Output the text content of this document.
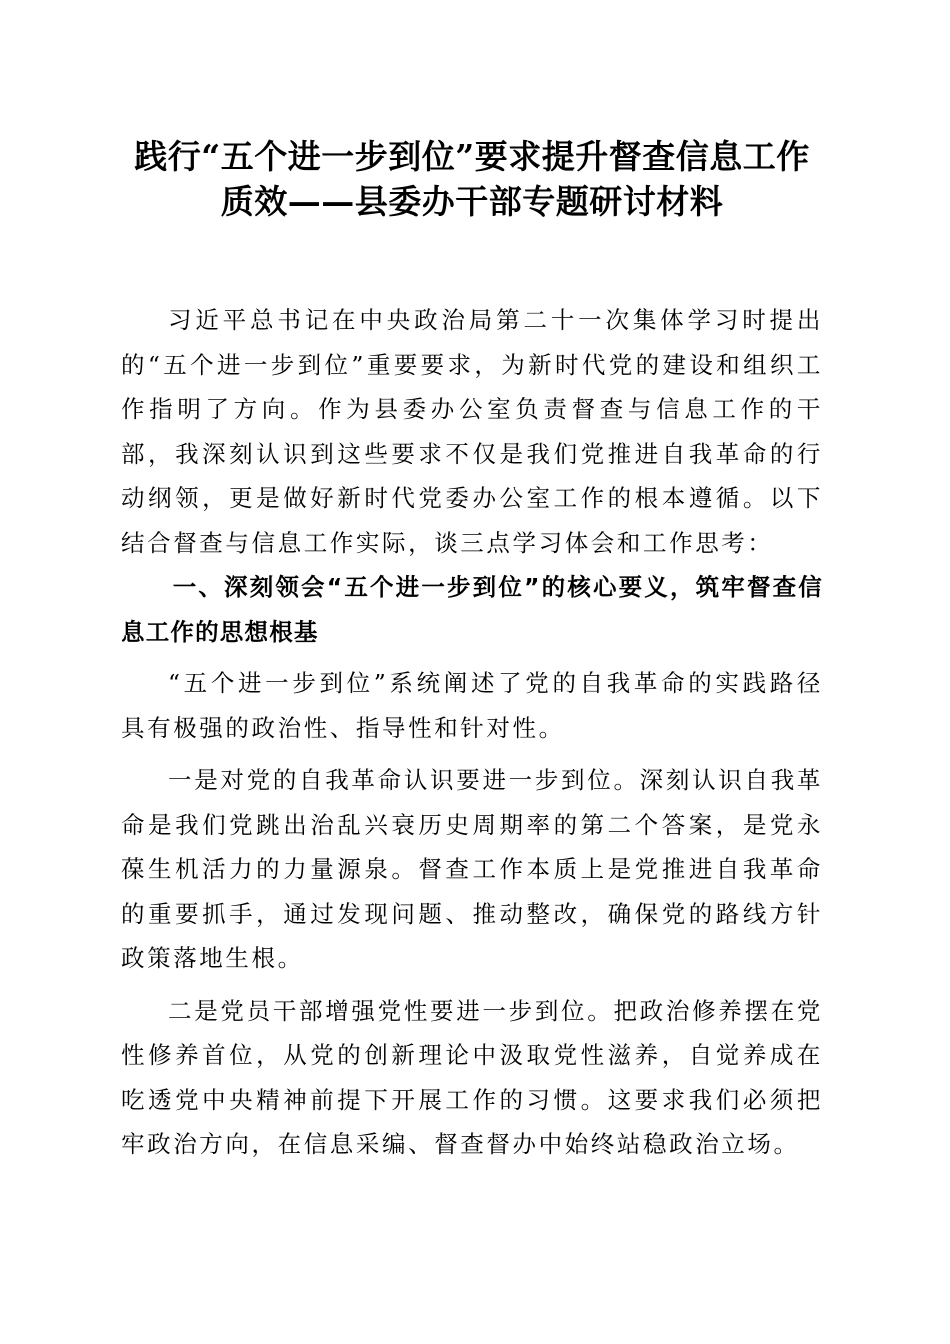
践行“五个进一步到位”要求提升督查信息工作质效——县委办干部专题研讨材料

习近平总书记在中央政治局第二十一次集体学习时提出的“五个进一步到位”重要要求，为新时代党的建设和组织工作指明了方向。作为县委办公室负责督查与信息工作的干部，我深刻认识到这些要求不仅是我们党推进自我革命的行动纲领，更是做好新时代党委办公室工作的根本遵循。以下结合督查与信息工作实际，谈三点学习体会和工作思考：

一、深刻领会“五个进一步到位”的核心要义，筑牢督查信息工作的思想根基

“五个进一步到位”系统阐述了党的自我革命的实践路径具有极强的政治性、指导性和针对性。

一是对党的自我革命认识要进一步到位。深刻认识自我革命是我们党跳出治乱兴衰历史周期率的第二个答案，是党永葆生机活力的力量源泉。督查工作本质上是党推进自我革命的重要抓手，通过发现问题、推动整改，确保党的路线方针政策落地生根。

二是党员干部增强党性要进一步到位。把政治修养摆在党性修养首位，从党的创新理论中汲取党性滋养，自觉养成在吃透党中央精神前提下开展工作的习惯。这要求我们必须把牢政治方向，在信息采编、督查督办中始终站稳政治立场。
